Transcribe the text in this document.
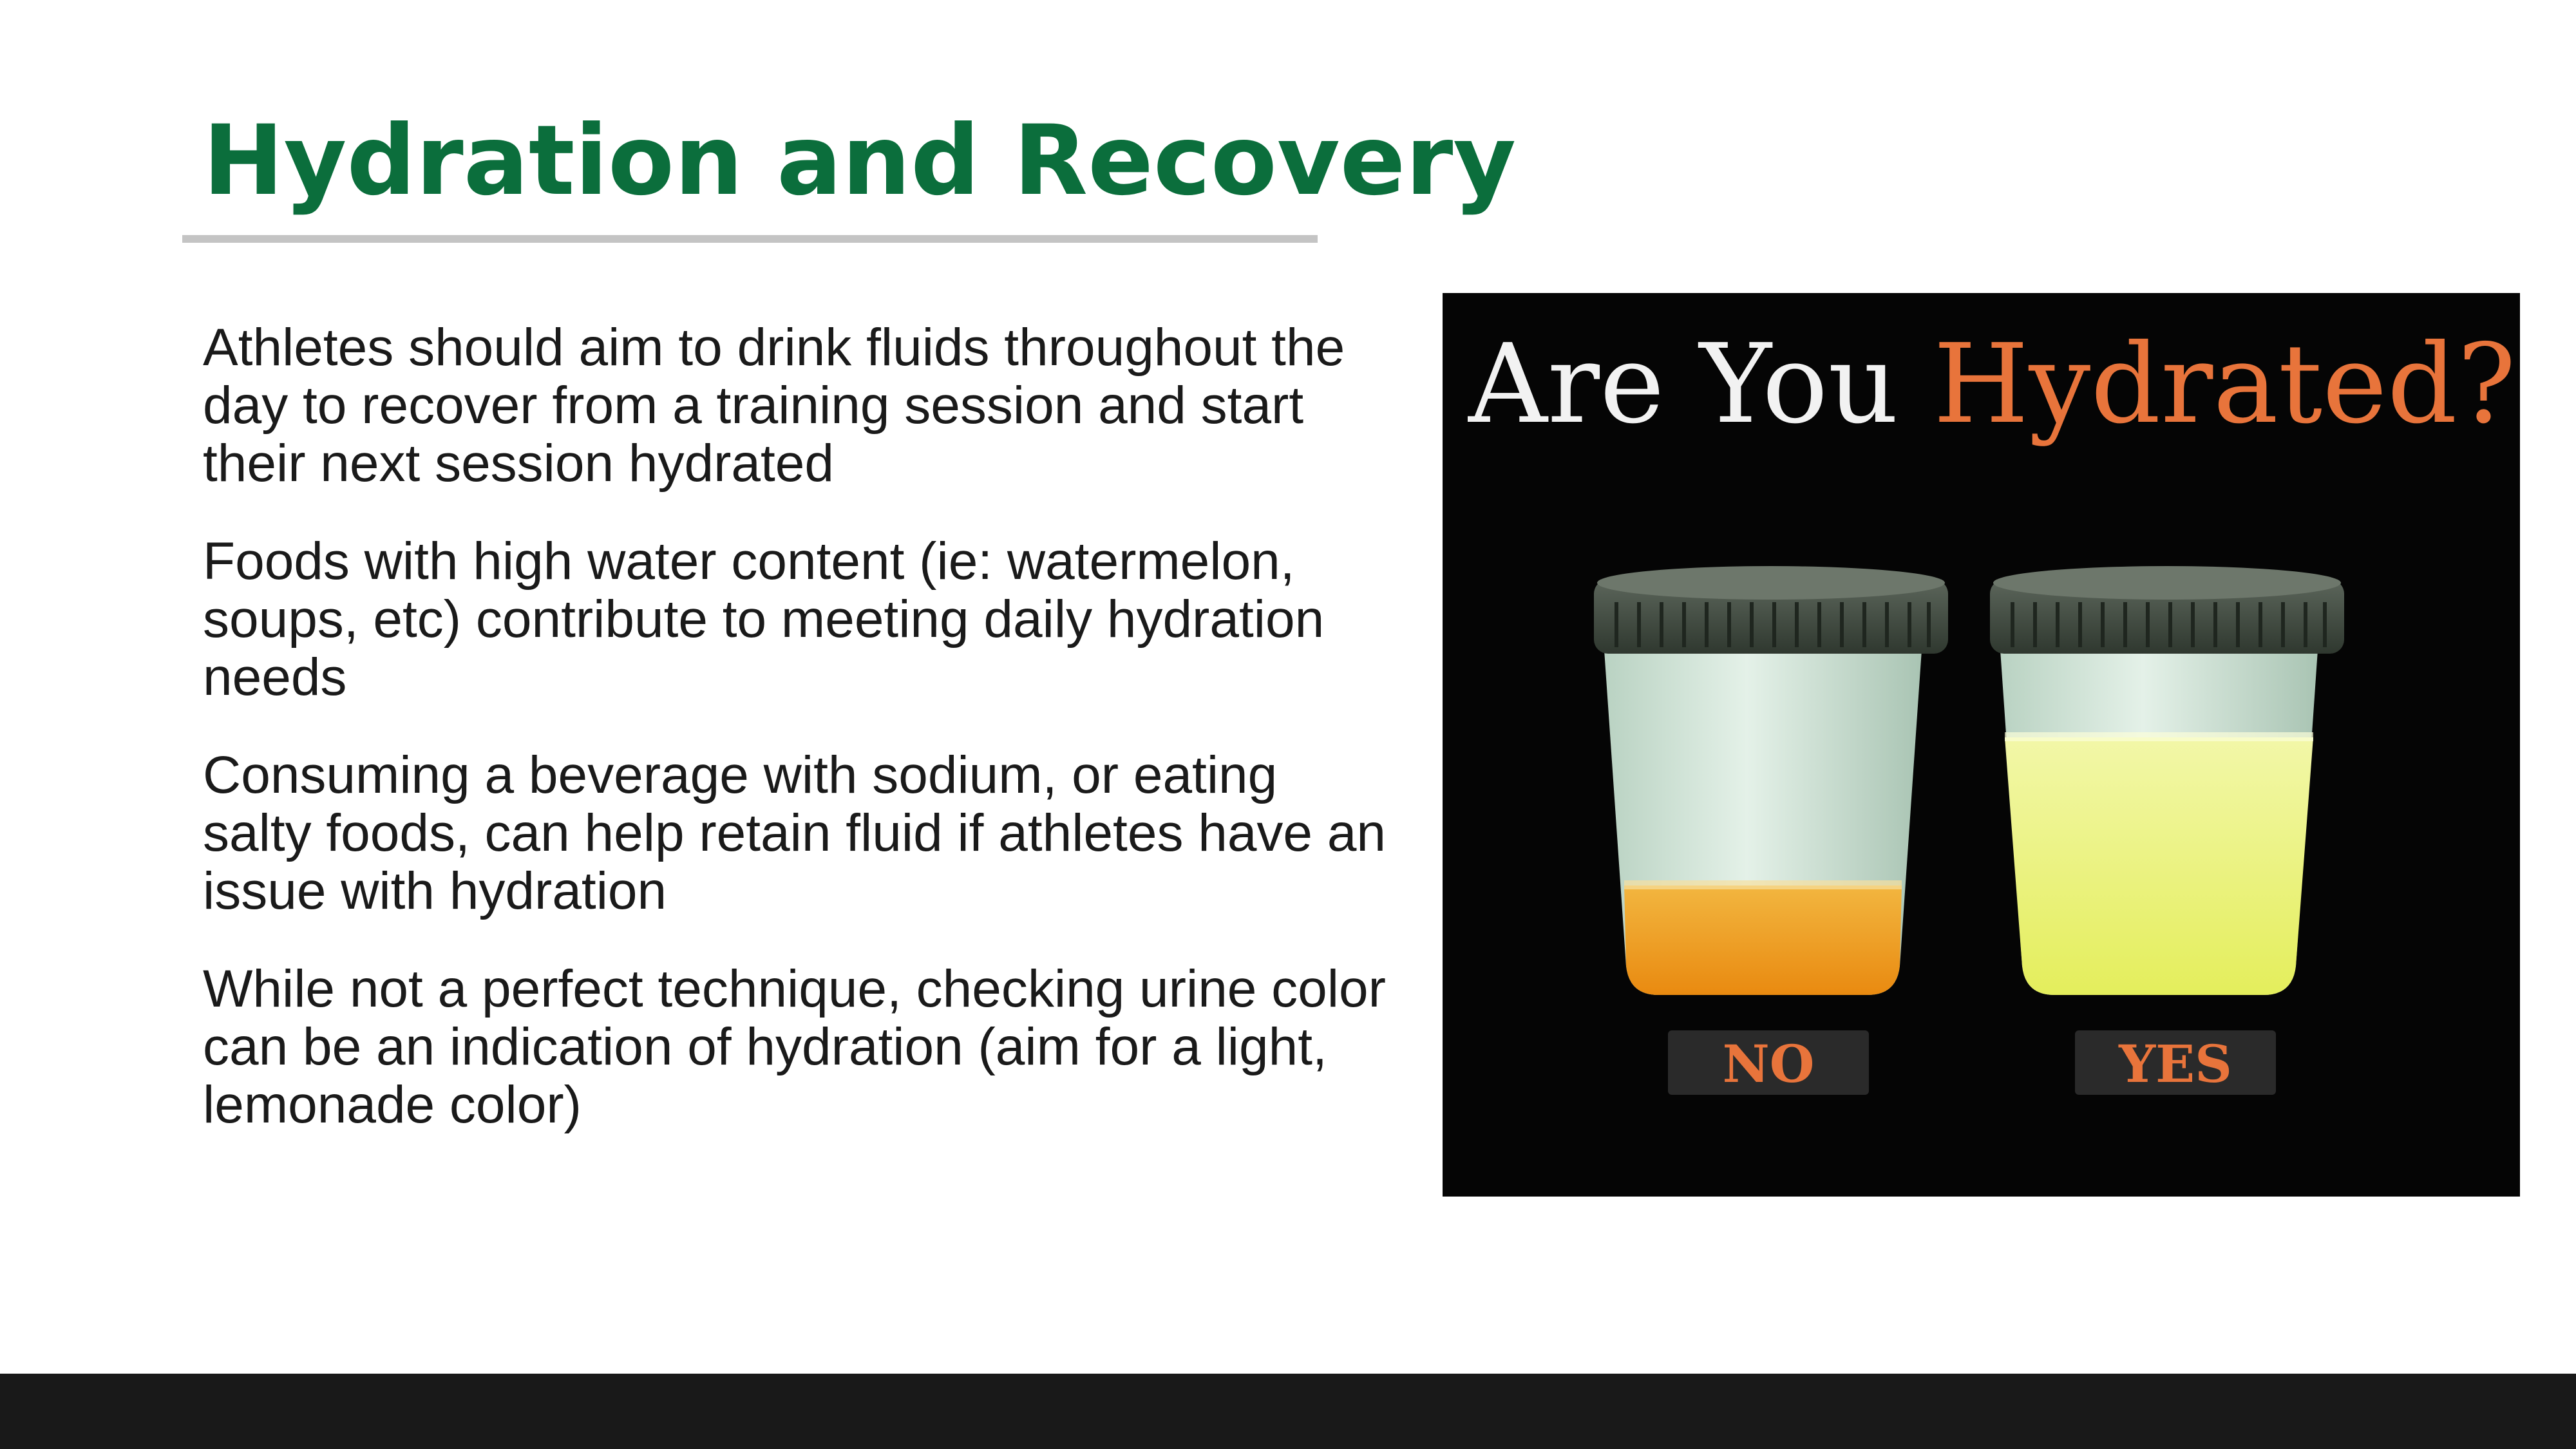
Hydration and Recovery

Athletes should aim to drink fluids throughout the day to recover from a training session and start their next session hydrated

Foods with high water content (ie: watermelon, soups, etc) contribute to meeting daily hydration needs

Consuming a beverage with sodium, or eating salty foods, can help retain fluid if athletes have an issue with hydration

While not a perfect technique, checking urine color can be an indication of hydration (aim for a light, lemonade color)

Are You Hydrated?
NO	YES
